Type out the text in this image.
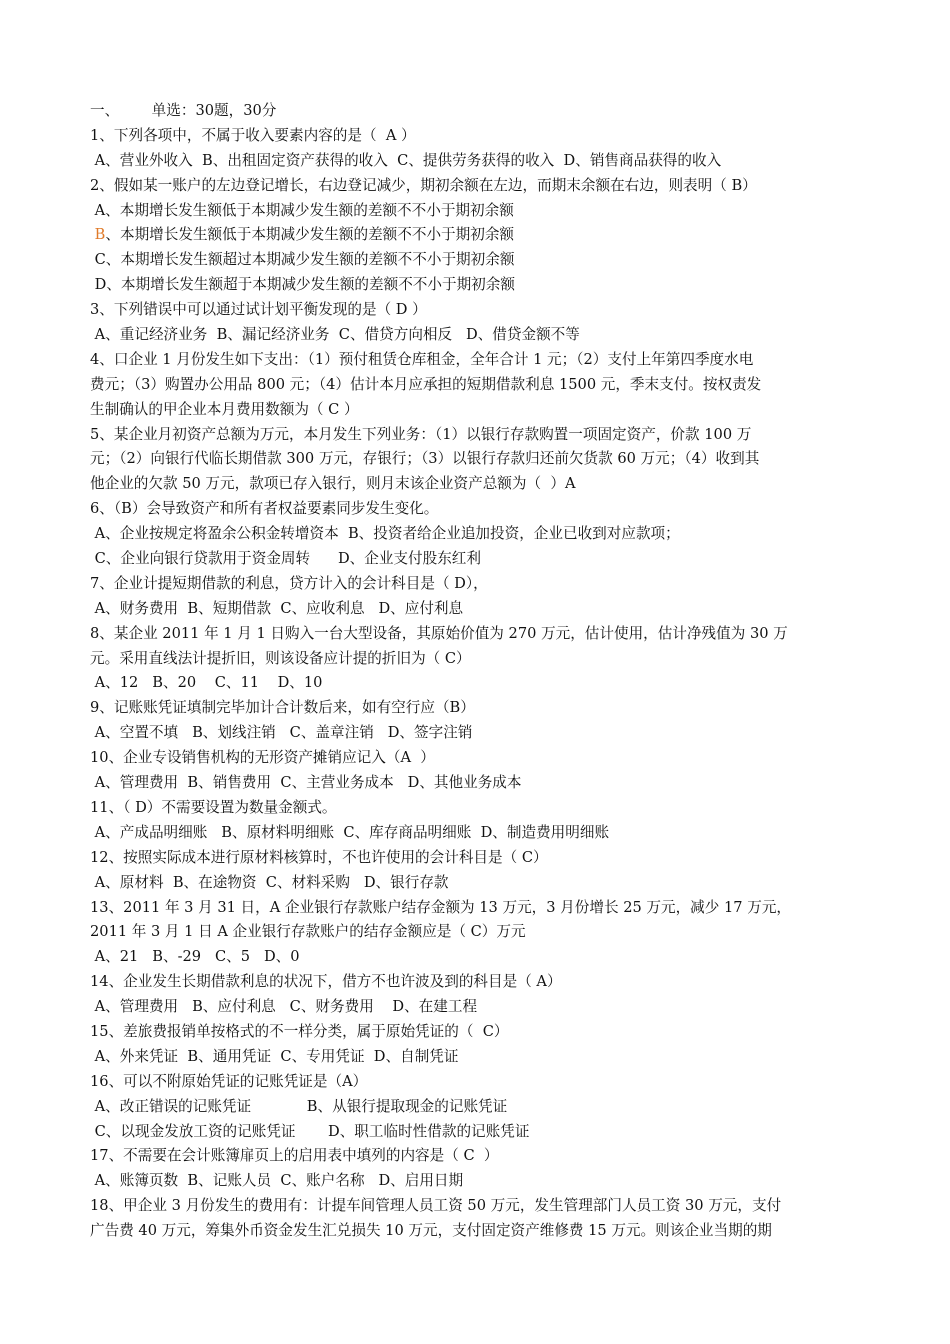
一、       单选：30题，30分
1、下列各项中，不属于收入要素内容的是（  A ）
A、营业外收入  B、出租固定资产获得的收入  C、提供劳务获得的收入  D、销售商品获得的收入
2、假如某一账户的左边登记增长，右边登记减少，期初余额在左边，而期末余额在右边，则表明（ B）
A、本期增长发生额低于本期减少发生额的差额不不小于期初余额
B、本期增长发生额低于本期减少发生额的差额不不小于期初余额
C、本期增长发生额超过本期减少发生额的差额不不小于期初余额
D、本期增长发生额超于本期减少发生额的差额不不小于期初余额
3、下列错误中可以通过试计划平衡发现的是（ D ）
A、重记经济业务  B、漏记经济业务  C、借贷方向相反   D、借贷金额不等
4、口企业 1 月份发生如下支出：（1）预付租赁仓库租金，全年合计 1 元；（2）支付上年第四季度水电
费元；（3）购置办公用品 800 元；（4）估计本月应承担的短期借款利息 1500 元，季末支付。按权责发
生制确认的甲企业本月费用数额为（ C ）
5、某企业月初资产总额为万元，本月发生下列业务：（1）以银行存款购置一项固定资产，价款 100 万
元；（2）向银行代临长期借款 300 万元，存银行；（3）以银行存款归还前欠货款 60 万元；（4）收到其
他企业的欠款 50 万元，款项已存入银行，则月末该企业资产总额为（  ）A
6、（B）会导致资产和所有者权益要素同步发生变化。
A、企业按规定将盈余公积金转增资本  B、投资者给企业追加投资，企业已收到对应款项；
C、企业向银行贷款用于资金周转      D、企业支付股东红利
7、企业计提短期借款的利息，贷方计入的会计科目是（ D），
A、财务费用  B、短期借款  C、应收利息   D、应付利息
8、某企业 2011 年 1 月 1 日购入一台大型设备，其原始价值为 270 万元，估计使用，估计净残值为 30 万
元。采用直线法计提折旧，则该设备应计提的折旧为（ C）
A、12   B、20    C、11    D、10
9、记账账凭证填制完毕加计合计数后来，如有空行应（B）
A、空置不填   B、划线注销   C、盖章注销   D、签字注销
10、企业专设销售机构的无形资产摊销应记入（A  ）
A、管理费用  B、销售费用  C、主营业务成本   D、其他业务成本
11、（ D）不需要设置为数量金额式。
A、产成品明细账   B、原材料明细账  C、库存商品明细账  D、制造费用明细账
12、按照实际成本进行原材料核算时，不也许使用的会计科目是（ C）
A、原材料  B、在途物资  C、材料采购   D、银行存款
13、2011 年 3 月 31 日，A 企业银行存款账户结存金额为 13 万元，3 月份增长 25 万元，减少 17 万元，
2011 年 3 月 1 日 A 企业银行存款账户的结存金额应是（ C）万元
A、21   B、-29   C、5   D、0
14、企业发生长期借款利息的状况下，借方不也许波及到的科目是（ A）
A、管理费用   B、应付利息   C、财务费用    D、在建工程
15、差旅费报销单按格式的不一样分类，属于原始凭证的（  C）
A、外来凭证  B、通用凭证  C、专用凭证  D、自制凭证
16、可以不附原始凭证的记账凭证是（A）
A、改正错误的记账凭证            B、从银行提取现金的记账凭证
C、以现金发放工资的记账凭证       D、职工临时性借款的记账凭证
17、不需要在会计账簿扉页上的启用表中填列的内容是（ C  ）
A、账簿页数  B、记账人员  C、账户名称   D、启用日期
18、甲企业 3 月份发生的费用有：计提车间管理人员工资 50 万元，发生管理部门人员工资 30 万元，支付
广告费 40 万元，筹集外币资金发生汇兑损失 10 万元，支付固定资产维修费 15 万元。则该企业当期的期
